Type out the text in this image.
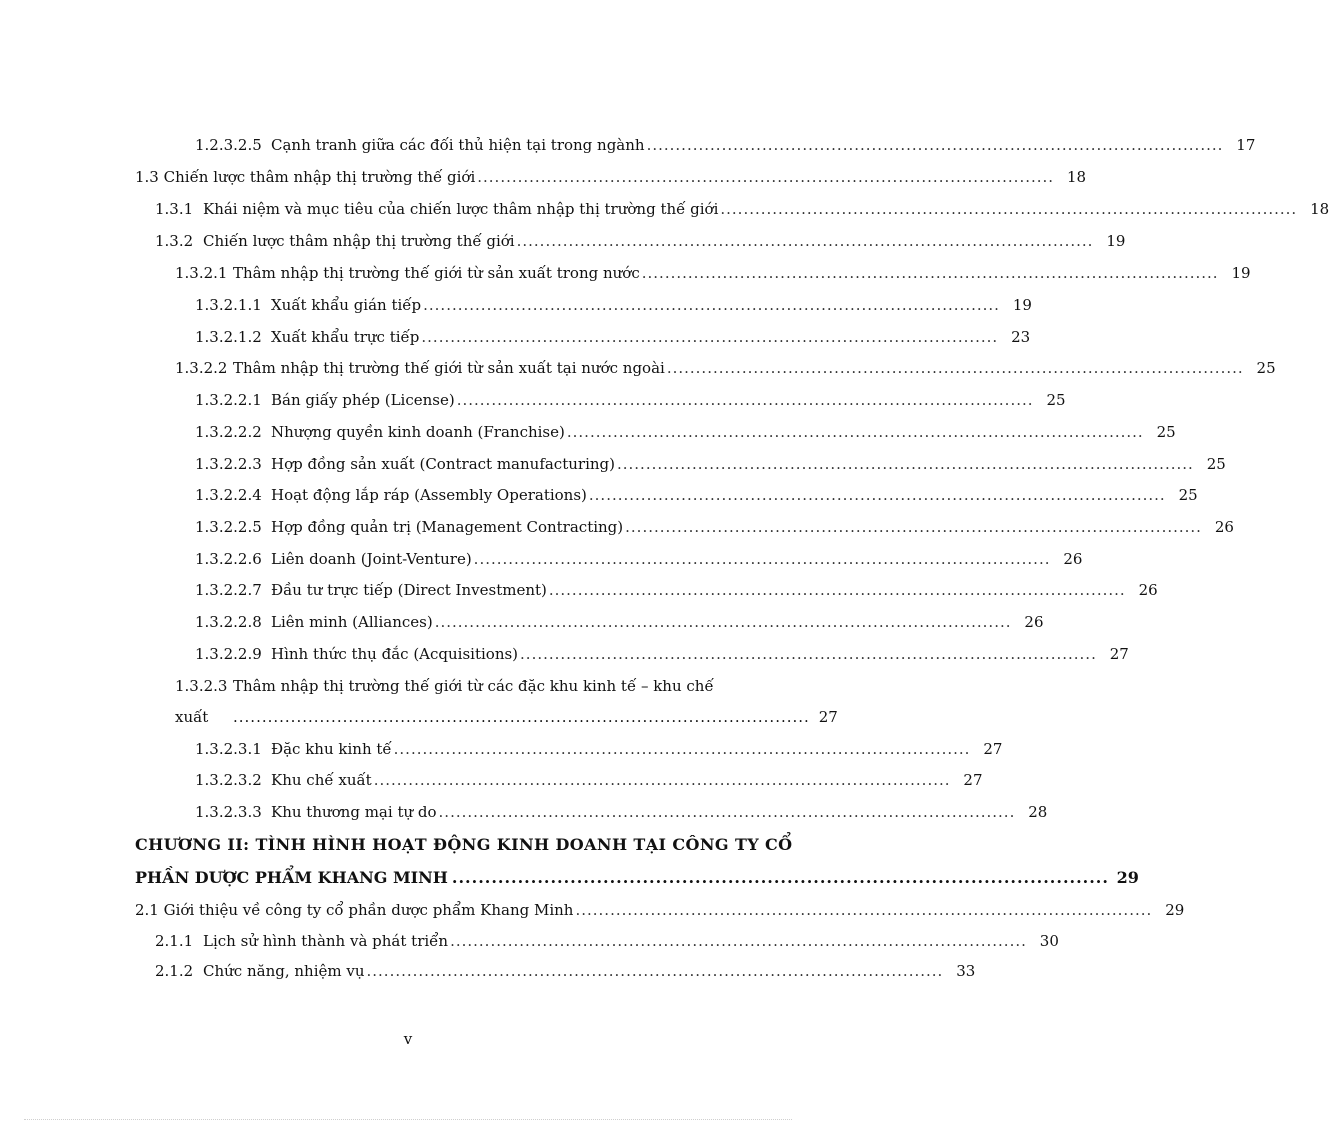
1.2.3.2.5 Cạnh tranh giữa các đối thủ hiện tại trong ngành .................................................................................................... 17
1.3
Chiến lược thâm nhập thị trường thế giới .................................................................................................... 18
1.3.1 Khái niệm và mục tiêu của chiến lược thâm nhập thị trường thế giới .................................................................................................... 18
1.3.2 Chiến lược thâm nhập thị trường thế giới .................................................................................................... 19
1.3.2.1 Thâm nhập thị trường thế giới từ sản xuất trong nước .................................................................................................... 19
1.3.2.1.1 Xuất khẩu gián tiếp .................................................................................................... 19
1.3.2.1.2 Xuất khẩu trực tiếp .................................................................................................... 23
1.3.2.2 Thâm nhập thị trường thế giới từ sản xuất tại nước ngoài .................................................................................................... 25
1.3.2.2.1 Bán giấy phép (License) .................................................................................................... 25
1.3.2.2.2 Nhượng quyền kinh doanh (Franchise) .................................................................................................... 25
1.3.2.2.3 Hợp đồng sản xuất (Contract manufacturing) .................................................................................................... 25
1.3.2.2.4 Hoạt động lắp ráp (Assembly Operations) .................................................................................................... 25
1.3.2.2.5 Hợp đồng quản trị (Management Contracting) .................................................................................................... 26
1.3.2.2.6 Liên doanh (Joint-Venture) .................................................................................................... 26
1.3.2.2.7 Đầu tư trực tiếp (Direct Investment) .................................................................................................... 26
1.3.2.2.8 Liên minh (Alliances) .................................................................................................... 26
1.3.2.2.9 Hình thức thụ đắc (Acquisitions) .................................................................................................... 27
1.3.2.3 Thâm nhập thị trường thế giới từ các đặc khu kinh tế – khu chế
xuất	.................................................................................................... 27
1.3.2.3.1 Đặc khu kinh tế .................................................................................................... 27
1.3.2.3.2 Khu chế xuất .................................................................................................... 27
1.3.2.3.3 Khu thương mại tự do .................................................................................................... 28
CHƯƠNG II: TÌNH HÌNH HOẠT ĐỘNG KINH DOANH TẠI CÔNG TY CỔ
PHẦN DƯỢC PHẨM KHANG MINH .................................................................................................... 29
2.1
Giới thiệu về công ty cổ phần dược phẩm Khang Minh .................................................................................................... 29
2.1.1 Lịch sử hình thành và phát triển .................................................................................................... 30
2.1.2 Chức năng, nhiệm vụ .................................................................................................... 33
v
